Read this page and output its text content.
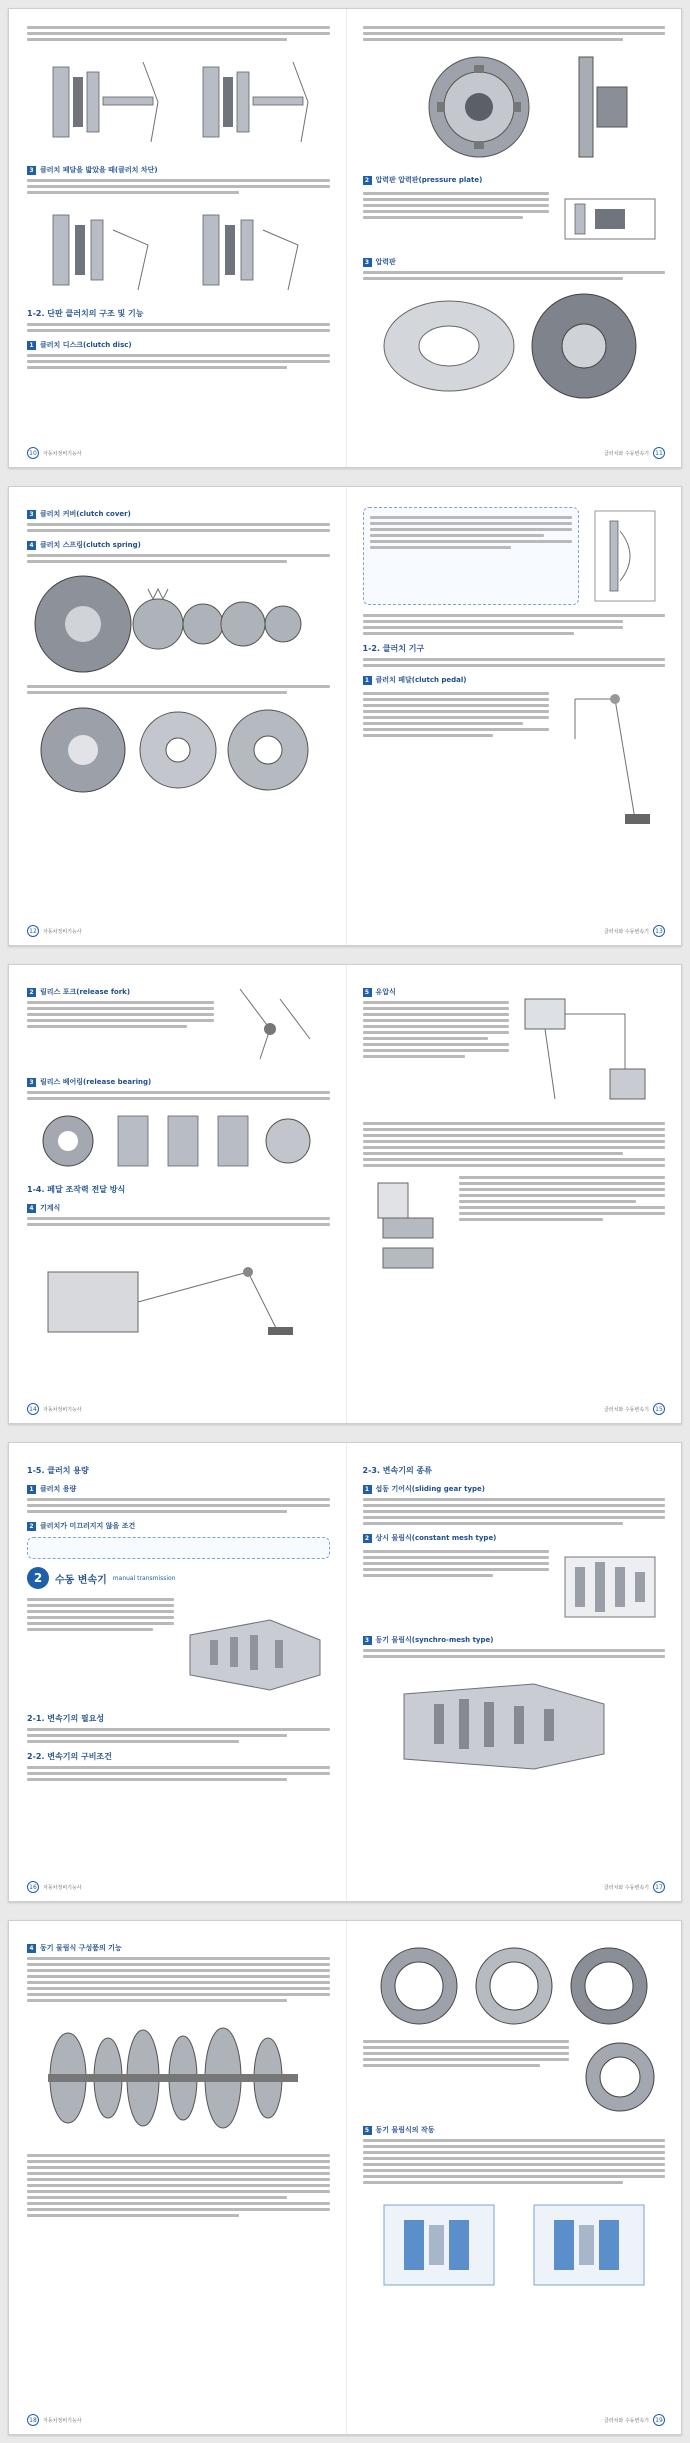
3 클러치 페달을 밟았을 때(클러치 차단)
1-2. 단판 클러치의 구조 및 기능
1 클러치 디스크(clutch disc)
10	자동차정비기능사
2 압력판 압력판(pressure plate)
3 압력판
클러치와 수동변속기	11
3 클러치 커버(clutch cover)
4 클러치 스프링(clutch spring)
12	자동차정비기능사
1-2. 클러치 기구
1 클러치 페달(clutch pedal)
클러치와 수동변속기	13
2 릴리스 포크(release fork)
3 릴리스 베어링(release bearing)
1-4. 페달 조작력 전달 방식
4 기계식
14	자동차정비기능사
5 유압식
클러치와 수동변속기	15
1-5. 클러치 용량
1 클러치 용량
2 클러치가 미끄러지지 않을 조건
2	수동 변속기 manual transmission
2-1. 변속기의 필요성
2-2. 변속기의 구비조건
16	자동차정비기능사
2-3. 변속기의 종류
1 섭동 기어식(sliding gear type)
2 상시 물림식(constant mesh type)
3 동기 물림식(synchro-mesh type)
클러치와 수동변속기	17
4 동기 물림식 구성품의 기능
18	자동차정비기능사
5 동기 물림식의 작동
클러치와 수동변속기	19
